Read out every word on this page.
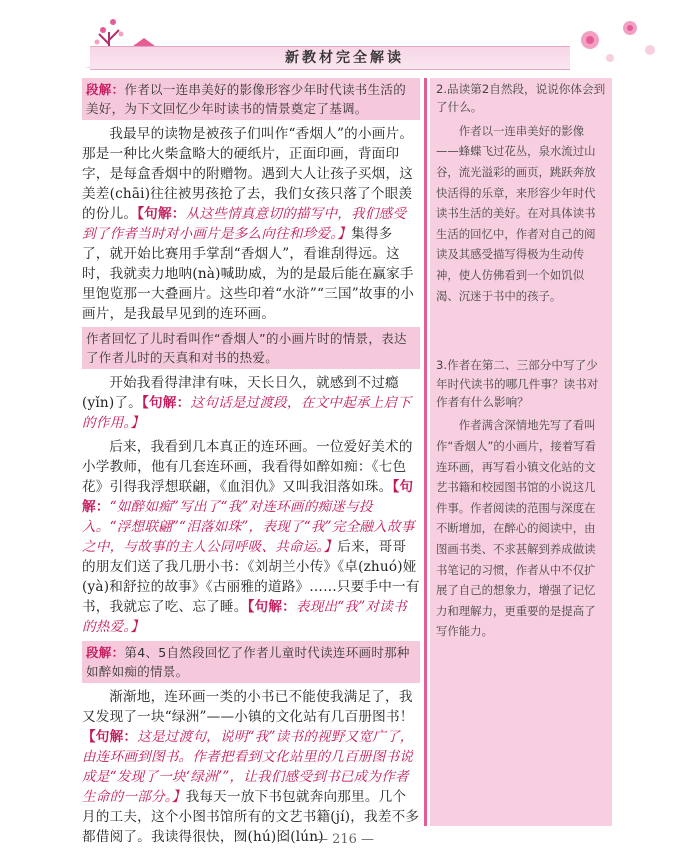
新教材完全解读
段解：作者以一连串美好的影像形容少年时代读书生活的美好，为下文回忆少年时读书的情景奠定了基调。

我最早的读物是被孩子们叫作“香烟人”的小画片。那是一种比火柴盒略大的硬纸片，正面印画，背面印字，是每盒香烟中的附赠物。遇到大人让孩子买烟，这美差(chāi)往往被男孩抢了去，我们女孩只落了个眼羡的份儿。【句解：从这些情真意切的描写中，我们感受到了作者当时对小画片是多么向往和珍爱。】集得多了，就开始比赛用手掌刮“香烟人”，看谁刮得远。这时，我就卖力地呐(nà)喊助威，为的是最后能在赢家手里饱览那一大叠画片。这些印着“水浒”“三国”故事的小画片，是我最早见到的连环画。

作者回忆了儿时看叫作“香烟人”的小画片时的情景，表达了作者儿时的天真和对书的热爱。

开始我看得津津有味，天长日久，就感到不过瘾(yǐn)了。【句解：这句话是过渡段，在文中起承上启下的作用。】

后来，我看到几本真正的连环画。一位爱好美术的小学教师，他有几套连环画，我看得如醉如痴：《七色花》引得我浮想联翩，《血泪仇》又叫我泪落如珠。【句解：“如醉如痴”写出了“我”对连环画的痴迷与投入。“浮想联翩”“泪落如珠”，表现了“我”完全融入故事之中，与故事的主人公同呼吸、共命运。】后来，哥哥的朋友们送了我几册小书：《刘胡兰小传》《卓(zhuó)娅(yà)和舒拉的故事》《古丽雅的道路》……只要手中一有书，我就忘了吃、忘了睡。【句解：表现出“我”对读书的热爱。】

段解：第4、5自然段回忆了作者儿童时代读连环画时那种如醉如痴的情景。

渐渐地，连环画一类的小书已不能使我满足了，我又发现了一块“绿洲”——小镇的文化站有几百册图书！【句解：这是过渡句，说明“我”读书的视野又宽广了，由连环画到图书。作者把看到文化站里的几百册图书说成是“发现了一块‘绿洲’”，让我们感受到书已成为作者生命的一部分。】我每天一放下书包就奔向那里。几个月的工夫，这个小图书馆所有的文艺书籍(jí)，我差不多都借阅了。我读得很快，囫(hú)囵(lún)

2.品读第2自然段，说说你体会到了什么。
作者以一连串美好的影像——蜂蝶飞过花丛，泉水流过山谷，流光溢彩的画页，跳跃奔放快活得的乐章，来形容少年时代读书生活的美好。在对具体读书生活的回忆中，作者对自己的阅读及其感受描写得极为生动传神，使人仿佛看到一个如饥似渴、沉迷于书中的孩子。
3.作者在第二、三部分中写了少年时代读书的哪几件事？读书对作者有什么影响？
作者满含深情地先写了看叫作“香烟人”的小画片，接着写看连环画，再写看小镇文化站的文艺书籍和校园图书馆的小说这几件事。作者阅读的范围与深度在不断增加，在醉心的阅读中，由图画书类、不求甚解到养成做读书笔记的习惯，作者从中不仅扩展了自己的想象力，增强了记忆力和理解力，更重要的是提高了写作能力。
— 216 —
